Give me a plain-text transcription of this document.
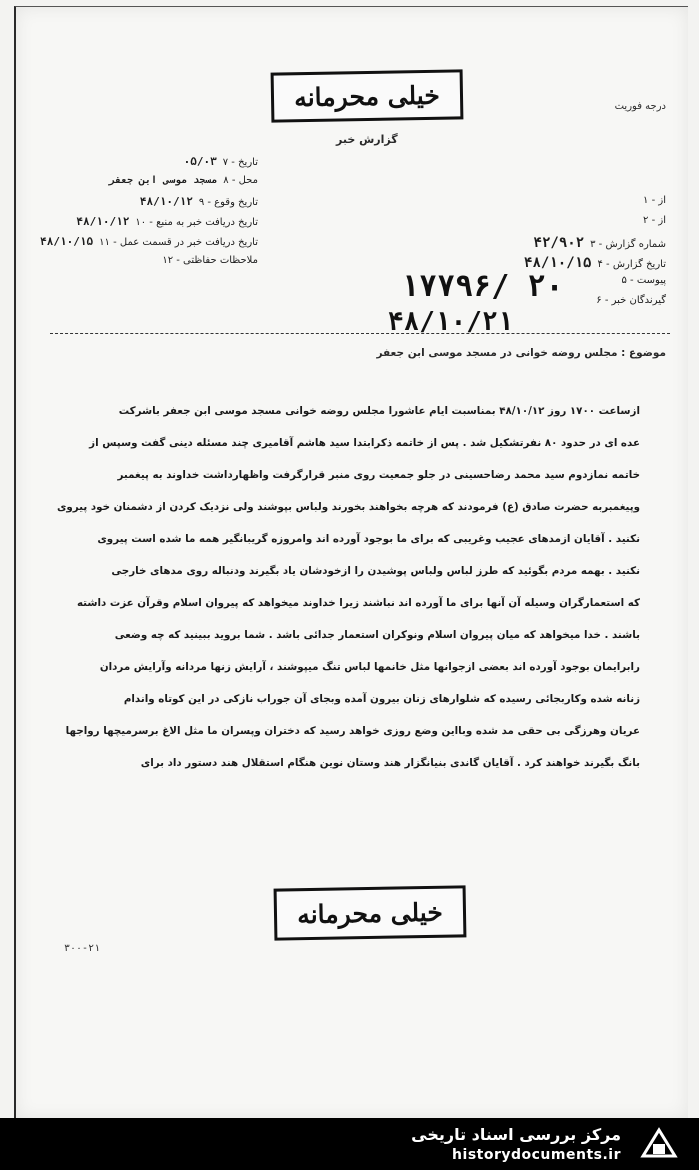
درجه فوریت
خیلی محرمانه
گزارش خبر
۷ - تاریخ
۰۵/۰۳
۸ - محل
مسجد موسی ابن جعفر
۹ - تاریخ وقوع
۴۸/۱۰/۱۲
۱۰ - تاریخ دریافت خبر به منبع
۴۸/۱۰/۱۲
۱۱ - تاریخ دریافت خبر در قسمت عمل
۴۸/۱۰/۱۵
۱۲ - ملاحظات حفاظتی
۱ - از
۲ - از
۳ - شماره گزارش
۴۲/۹۰۲
۴ - تاریخ گزارش
۴۸/۱۰/۱۵
۵ - پیوست
۶ - گیرندگان خبر
۱۷۷۹۶/ ۲۰
۴۸/۱۰/۲۱
موضوع : مجلس روضه خوانی در مسجد موسی ابن جعفر
ازساعت ۱۷۰۰ روز ۴۸/۱۰/۱۲ بمناسبت ایام عاشورا مجلس روضه خوانی مسجد موسی ابن جعفر باشرکت
عده ای در حدود ۸۰ نفرتشکیل شد . پس از خاتمه ذکرابتدا سید هاشم آقامیری چند مسئله دینی گفت وسپس از
خاتمه نمازدوم سید محمد رضاحسینی در جلو جمعیت روی منبر قرارگرفت واظهارداشت خداوند به پیغمبر
وپیغمبربه حضرت صادق (ع) فرمودند که هرچه بخواهند بخورند ولباس بپوشند ولی نزدیک کردن از دشمنان خود پیروی
نکنید . آقایان ازمدهای عجیب وغریبی که برای ما بوجود آورده اند وامروزه گریبانگیر همه ما شده است پیروی
نکنید . بهمه مردم بگوئید که طرز لباس ولباس پوشیدن را ازخودشان یاد بگیرند ودنباله روی مدهای خارجی
که استعمارگران وسیله آن آنها برای ما آورده اند نباشند زیرا خداوند میخواهد که پیروان اسلام وقرآن عزت داشته
باشند . خدا میخواهد که میان پیروان اسلام ونوکران استعمار جدائی باشد . شما بروید ببینید که چه وضعی
رابرایمان بوجود آورده اند بعضی ازجوانها مثل خانمها لباس تنگ میپوشند ، آرایش زنها مردانه وآرایش مردان
زنانه شده وکاربجائی رسیده که شلوارهای زنان بیرون آمده وبجای آن جوراب نازکی در این کوتاه واندام
عریان وهرزگی بی حقی مد شده وبااین وضع روزی خواهد رسید که دختران وپسران ما مثل الاغ برسرمیچها رواجها
بانگ بگیرند خواهند کرد . آقایان گاندی بنیانگزار هند وستان نوین هنگام استقلال هند دستور داد برای
خیلی محرمانه
۳۰۰-۲۱
مرکز بررسی اسناد تاریخی
historydocuments.ir
